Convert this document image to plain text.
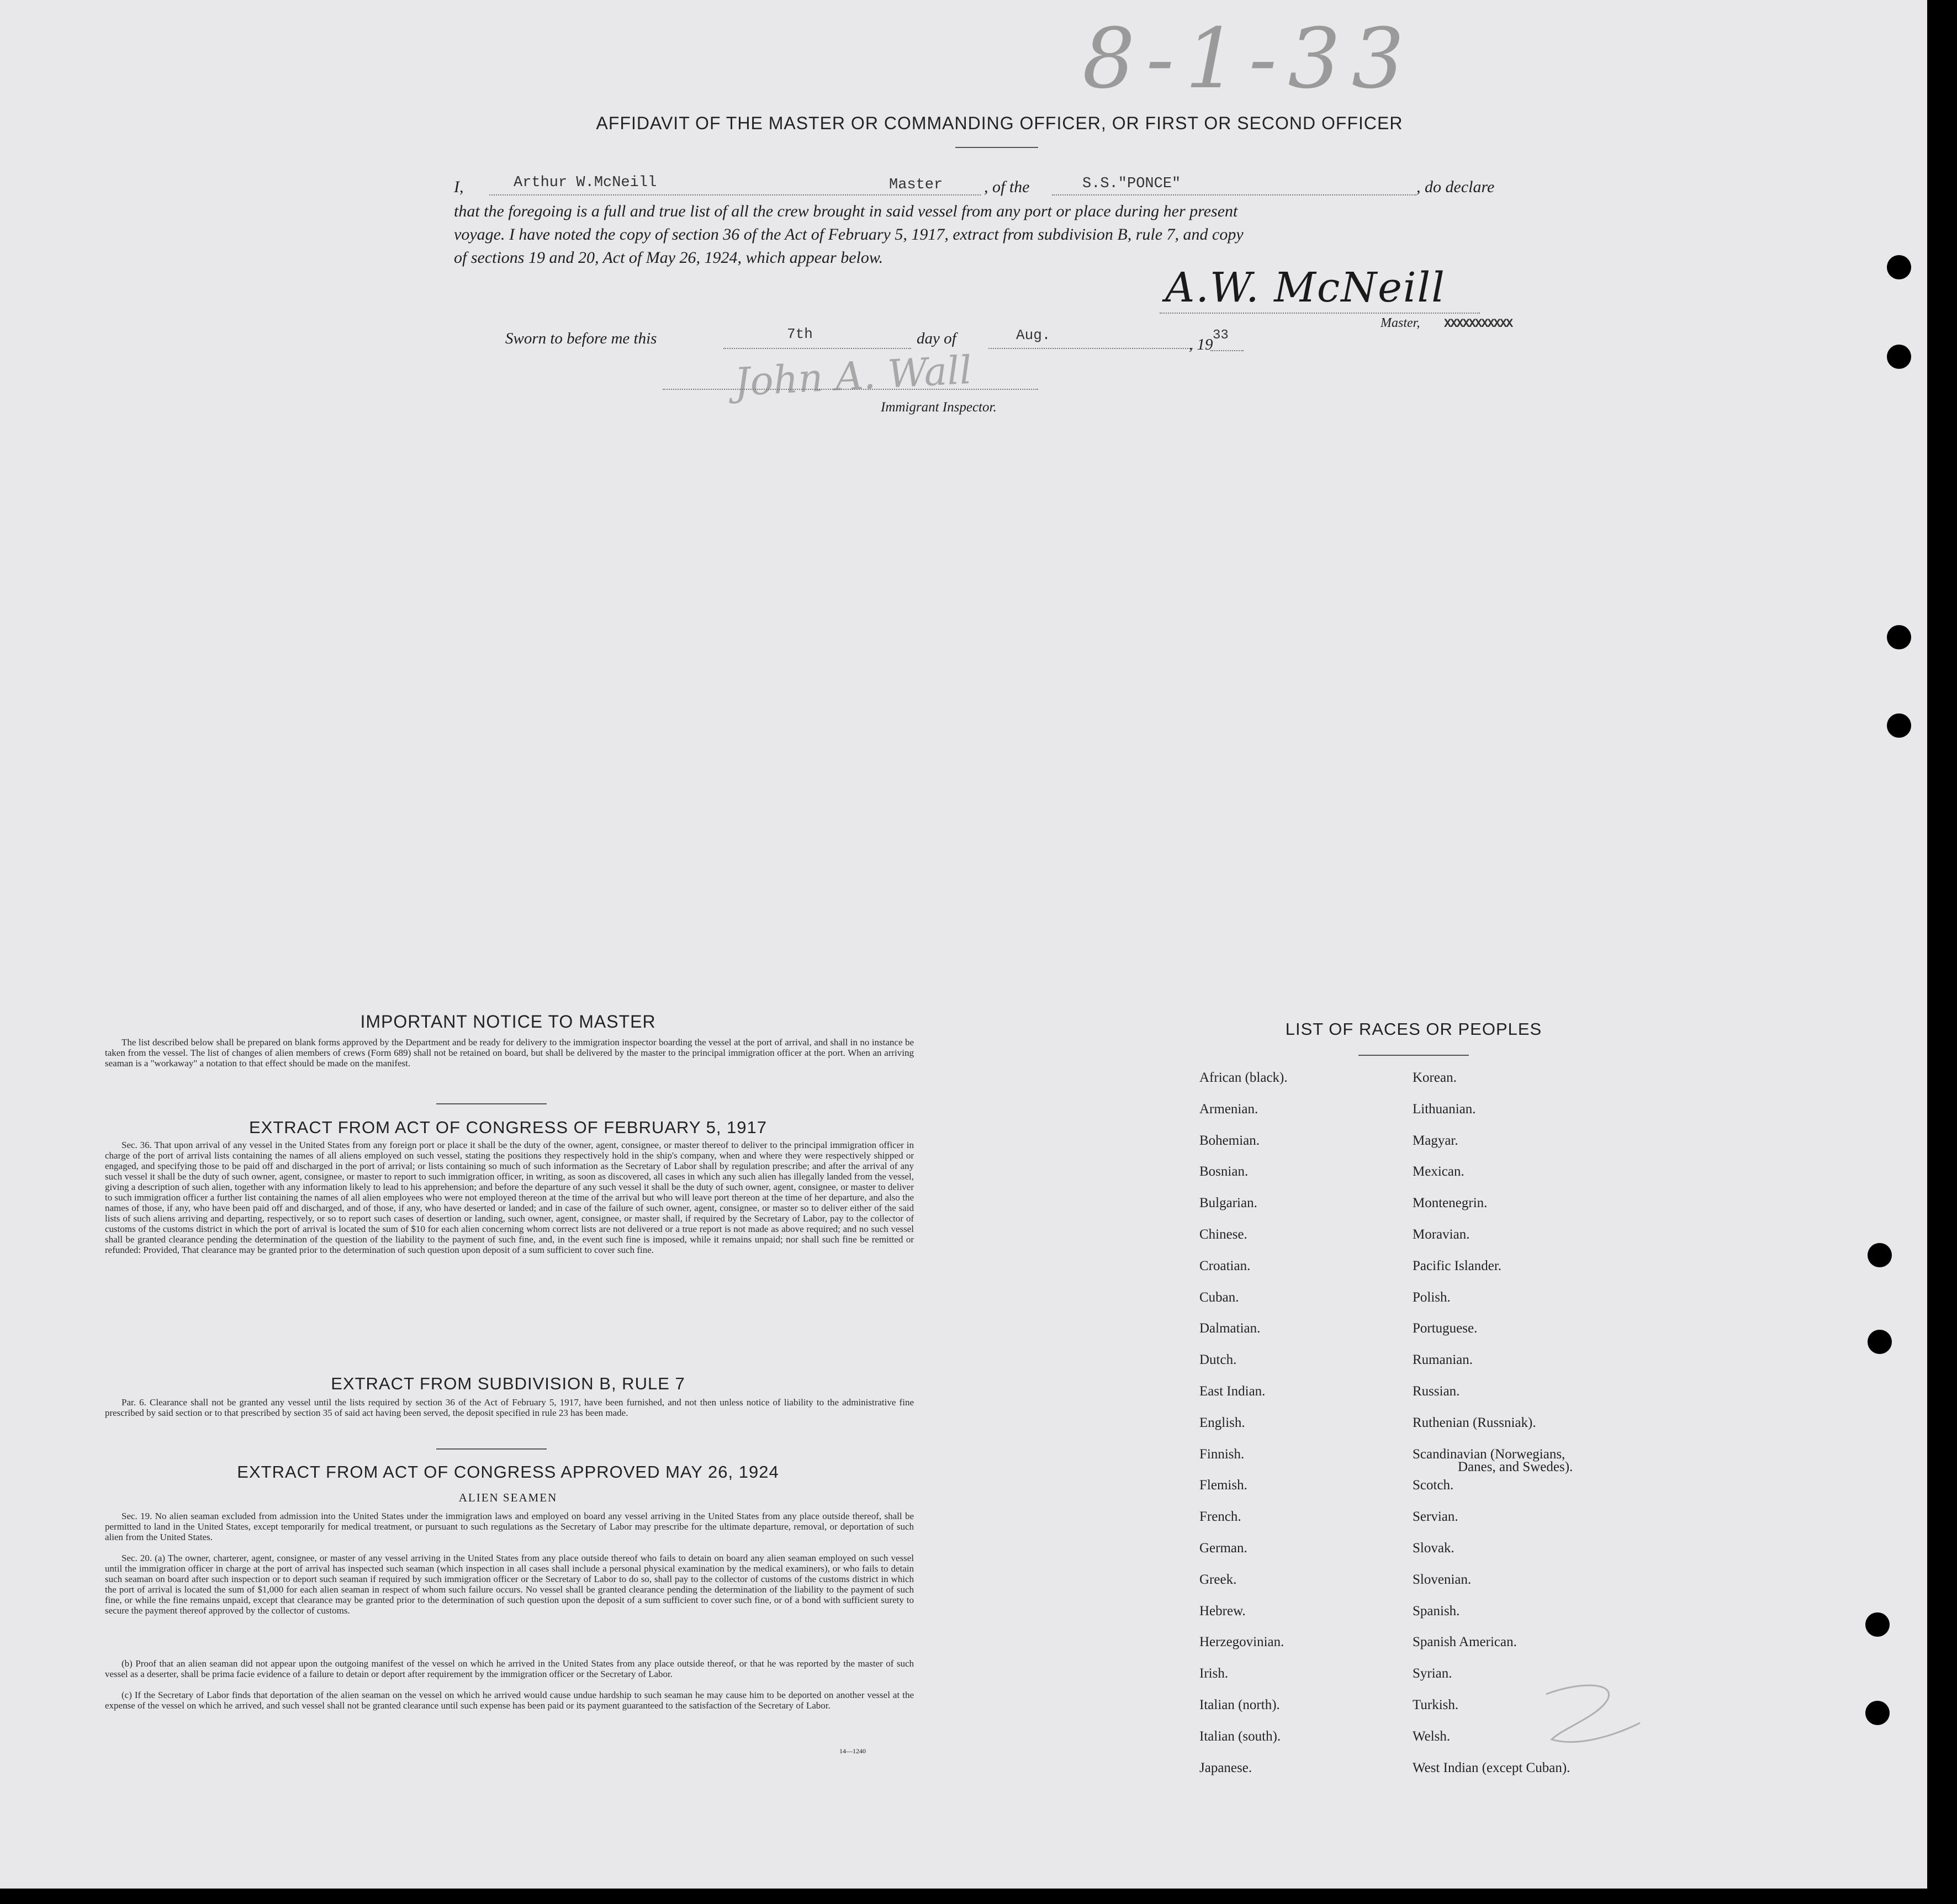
8-1-33
AFFIDAVIT OF THE MASTER OR COMMANDING OFFICER, OR FIRST OR SECOND OFFICER
I,	Arthur W.McNeill	Master , of the	S.S."PONCE"	, do declare
that the foregoing is a full and true list of all the crew brought in said vessel from any port or place during her present
voyage. I have noted the copy of section 36 of the Act of February 5, 1917, extract from subdivision B, rule 7, and copy
of sections 19 and 20, Act of May 26, 1924, which appear below.
A.W. McNeill
Master, XXXXXXXXXXX
Sworn to before me this	7th	day of	Aug.
, 19
33
John A. Wall
Immigrant Inspector.
IMPORTANT NOTICE TO MASTER
The list described below shall be prepared on blank forms approved by the Department and be ready for delivery to the immigration inspector boarding the vessel at the port of arrival, and shall in no instance be taken from the vessel. The list of changes of alien members of crews (Form 689) shall not be retained on board, but shall be delivered by the master to the principal immigration officer at the port. When an arriving seaman is a "workaway" a notation to that effect should be made on the manifest.
EXTRACT FROM ACT OF CONGRESS OF FEBRUARY 5, 1917
Sec. 36. That upon arrival of any vessel in the United States from any foreign port or place it shall be the duty of the owner, agent, consignee, or master thereof to deliver to the principal immigration officer in charge of the port of arrival lists containing the names of all aliens employed on such vessel, stating the positions they respectively hold in the ship's company, when and where they were respectively shipped or engaged, and specifying those to be paid off and discharged in the port of arrival; or lists containing so much of such information as the Secretary of Labor shall by regulation prescribe; and after the arrival of any such vessel it shall be the duty of such owner, agent, consignee, or master to report to such immigration officer, in writing, as soon as discovered, all cases in which any such alien has illegally landed from the vessel, giving a description of such alien, together with any information likely to lead to his apprehension; and before the departure of any such vessel it shall be the duty of such owner, agent, consignee, or master to deliver to such immigration officer a further list containing the names of all alien employees who were not employed thereon at the time of the arrival but who will leave port thereon at the time of her departure, and also the names of those, if any, who have been paid off and discharged, and of those, if any, who have deserted or landed; and in case of the failure of such owner, agent, consignee, or master so to deliver either of the said lists of such aliens arriving and departing, respectively, or so to report such cases of desertion or landing, such owner, agent, consignee, or master shall, if required by the Secretary of Labor, pay to the collector of customs of the customs district in which the port of arrival is located the sum of $10 for each alien concerning whom correct lists are not delivered or a true report is not made as above required; and no such vessel shall be granted clearance pending the determination of the question of the liability to the payment of such fine, and, in the event such fine is imposed, while it remains unpaid; nor shall such fine be remitted or refunded: Provided, That clearance may be granted prior to the determination of such question upon deposit of a sum sufficient to cover such fine.
EXTRACT FROM SUBDIVISION B, RULE 7
Par. 6. Clearance shall not be granted any vessel until the lists required by section 36 of the Act of February 5, 1917, have been furnished, and not then unless notice of liability to the administrative fine prescribed by said section or to that prescribed by section 35 of said act having been served, the deposit specified in rule 23 has been made.
EXTRACT FROM ACT OF CONGRESS APPROVED MAY 26, 1924
ALIEN SEAMEN
Sec. 19. No alien seaman excluded from admission into the United States under the immigration laws and employed on board any vessel arriving in the United States from any place outside thereof, shall be permitted to land in the United States, except temporarily for medical treatment, or pursuant to such regulations as the Secretary of Labor may prescribe for the ultimate departure, removal, or deportation of such alien from the United States.
Sec. 20. (a) The owner, charterer, agent, consignee, or master of any vessel arriving in the United States from any place outside thereof who fails to detain on board any alien seaman employed on such vessel until the immigration officer in charge at the port of arrival has inspected such seaman (which inspection in all cases shall include a personal physical examination by the medical examiners), or who fails to detain such seaman on board after such inspection or to deport such seaman if required by such immigration officer or the Secretary of Labor to do so, shall pay to the collector of customs of the customs district in which the port of arrival is located the sum of $1,000 for each alien seaman in respect of whom such failure occurs. No vessel shall be granted clearance pending the determination of the liability to the payment of such fine, or while the fine remains unpaid, except that clearance may be granted prior to the determination of such question upon the deposit of a sum sufficient to cover such fine, or of a bond with sufficient surety to secure the payment thereof approved by the collector of customs.
(b) Proof that an alien seaman did not appear upon the outgoing manifest of the vessel on which he arrived in the United States from any place outside thereof, or that he was reported by the master of such vessel as a deserter, shall be prima facie evidence of a failure to detain or deport after requirement by the immigration officer or the Secretary of Labor.
(c) If the Secretary of Labor finds that deportation of the alien seaman on the vessel on which he arrived would cause undue hardship to such seaman he may cause him to be deported on another vessel at the expense of the vessel on which he arrived, and such vessel shall not be granted clearance until such expense has been paid or its payment guaranteed to the satisfaction of the Secretary of Labor.
14—1240
LIST OF RACES OR PEOPLES
African (black).
Armenian.
Bohemian.
Bosnian.
Bulgarian.
Chinese.
Croatian.
Cuban.
Dalmatian.
Dutch.
East Indian.
English.
Finnish.
Flemish.
French.
German.
Greek.
Hebrew.
Herzegovinian.
Irish.
Italian (north).
Italian (south).
Japanese.
Korean.
Lithuanian.
Magyar.
Mexican.
Montenegrin.
Moravian.
Pacific Islander.
Polish.
Portuguese.
Rumanian.
Russian.
Ruthenian (Russniak).
Scandinavian (Norwegians,
Scotch.
Servian.
Slovak.
Slovenian.
Spanish.
Spanish American.
Syrian.
Turkish.
Welsh.
West Indian (except Cuban).
Danes, and Swedes).
